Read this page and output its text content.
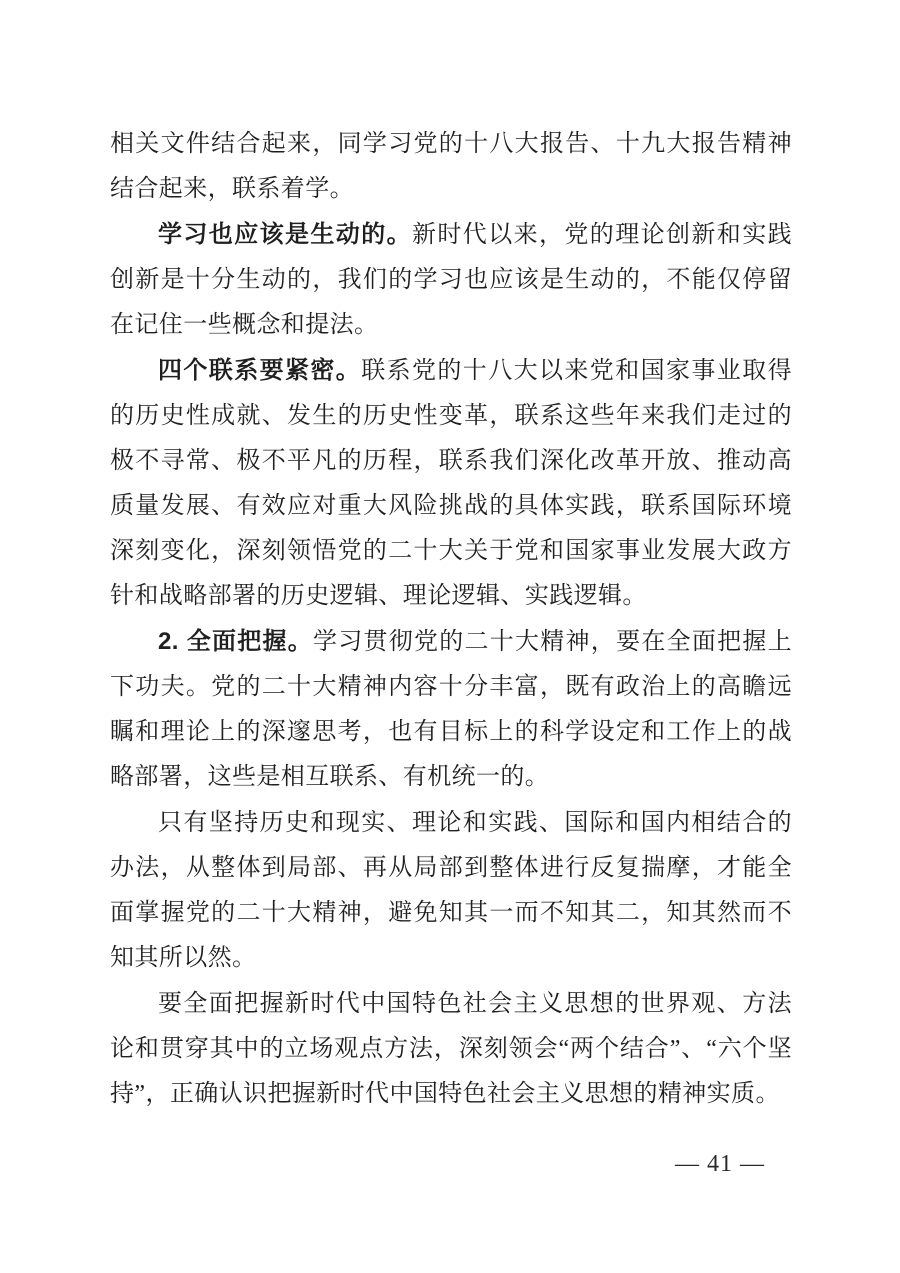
相关文件结合起来，同学习党的十八大报告、十九大报告精神结合起来，联系着学。

学习也应该是生动的。新时代以来，党的理论创新和实践创新是十分生动的，我们的学习也应该是生动的，不能仅停留在记住一些概念和提法。

四个联系要紧密。联系党的十八大以来党和国家事业取得的历史性成就、发生的历史性变革，联系这些年来我们走过的极不寻常、极不平凡的历程，联系我们深化改革开放、推动高质量发展、有效应对重大风险挑战的具体实践，联系国际环境深刻变化，深刻领悟党的二十大关于党和国家事业发展大政方针和战略部署的历史逻辑、理论逻辑、实践逻辑。

2. 全面把握。学习贯彻党的二十大精神，要在全面把握上下功夫。党的二十大精神内容十分丰富，既有政治上的高瞻远瞩和理论上的深邃思考，也有目标上的科学设定和工作上的战略部署，这些是相互联系、有机统一的。

只有坚持历史和现实、理论和实践、国际和国内相结合的办法，从整体到局部、再从局部到整体进行反复揣摩，才能全面掌握党的二十大精神，避免知其一而不知其二，知其然而不知其所以然。

要全面把握新时代中国特色社会主义思想的世界观、方法论和贯穿其中的立场观点方法，深刻领会“两个结合”、“六个坚持”，正确认识把握新时代中国特色社会主义思想的精神实质。

— 41 —
